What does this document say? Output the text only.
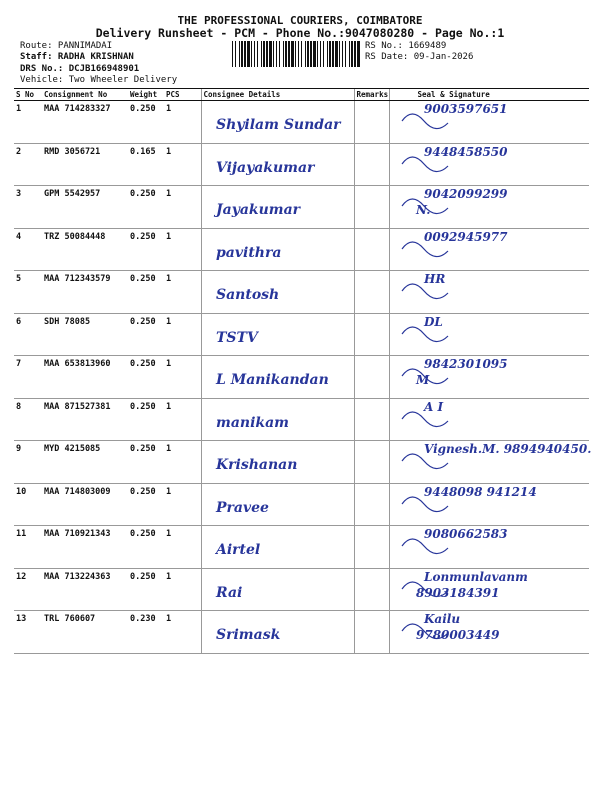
THE PROFESSIONAL COURIERS, COIMBATORE
Delivery Runsheet - PCM - Phone No.:9047080280 - Page No.:1
Route: PANNIMADAI
Staff: RADHA KRISHNAN
DRS No.: DCJB166948901
Vehicle: Two Wheeler Delivery
RS No.: 1669489
RS Date: 09-Jan-2026
S No	Consignment No	Weight	PCS	Consignee Details	Remarks	Seal & Signature
1	MAA 714283327	0.250	1	Shyilam Sundar		9003597651

2	RMD 3056721	0.165	1	Vijayakumar		9448458550

3	GPM 5542957	0.250	1	Jayakumar		9042099299
N.

4	TRZ 50084448	0.250	1	pavithra		0092945977

5	MAA 712343579	0.250	1	Santosh		HR

6	SDH 78085	0.250	1	TSTV		DL

7	MAA 653813960	0.250	1	L Manikandan		9842301095
M

8	MAA 871527381	0.250	1	manikam		A I

9	MYD 4215085	0.250	1	Krishanan		Vignesh.M. 9894940450.

10	MAA 714803009	0.250	1	Pravee		9448098 941214

11	MAA 710921343	0.250	1	Airtel		9080662583

12	MAA 713224363	0.250	1	Rai		Lonmunlavanm
8903184391

13	TRL 760607	0.230	1	Srimask		Kailu
9780003449
